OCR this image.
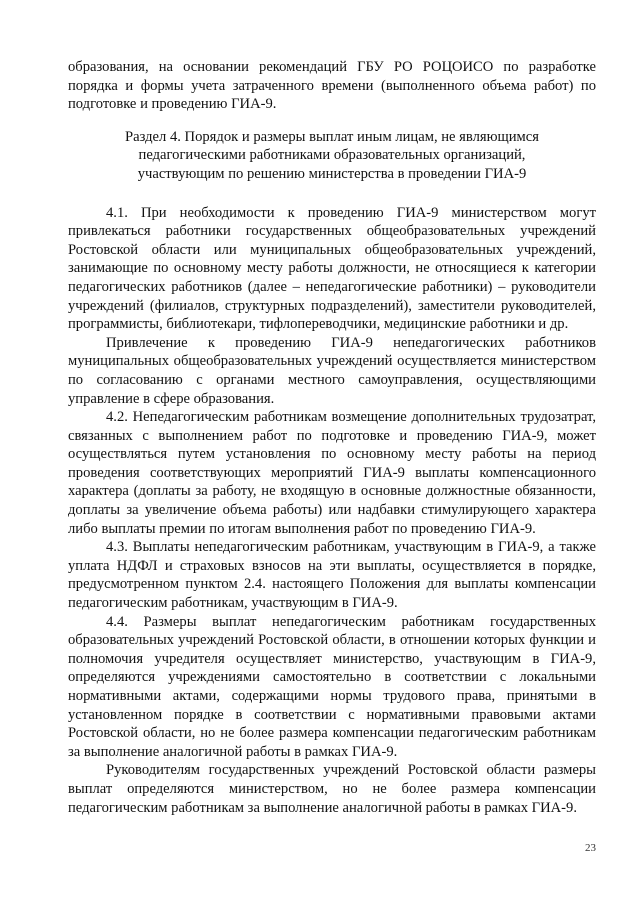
образования, на основании рекомендаций ГБУ РО РОЦОИСО по разработке порядка и формы учета затраченного времени (выполненного объема работ) по подготовке и проведению ГИА-9.

Раздел 4. Порядок и размеры выплат иным лицам, не являющимся
педагогическими работниками образовательных организаций,
участвующим по решению министерства в проведении ГИА-9

4.1. При необходимости к проведению ГИА-9 министерством могут привлекаться работники государственных общеобразовательных учреждений Ростовской области или муниципальных общеобразовательных учреждений, занимающие по основному месту работы должности, не относящиеся к категории педагогических работников (далее – непедагогические работники) – руководители учреждений (филиалов, структурных подразделений), заместители руководителей, программисты, библиотекари, тифлопереводчики, медицинские работники и др.

Привлечение к проведению ГИА-9 непедагогических работников муниципальных общеобразовательных учреждений осуществляется министерством по согласованию с органами местного самоуправления, осуществляющими управление в сфере образования.

4.2. Непедагогическим работникам возмещение дополнительных трудозатрат, связанных с выполнением работ по подготовке и проведению ГИА-9, может осуществляться путем установления по основному месту работы на период проведения соответствующих мероприятий ГИА-9 выплаты компенсационного характера (доплаты за работу, не входящую в основные должностные обязанности, доплаты за увеличение объема работы) или надбавки стимулирующего характера либо выплаты премии по итогам выполнения работ по проведению ГИА-9.

4.3. Выплаты непедагогическим работникам, участвующим в ГИА-9, а также уплата НДФЛ и страховых взносов на эти выплаты, осуществляется в порядке, предусмотренном пунктом 2.4. настоящего Положения для выплаты компенсации педагогическим работникам, участвующим в ГИА-9.

4.4. Размеры выплат непедагогическим работникам государственных образовательных учреждений Ростовской области, в отношении которых функции и полномочия учредителя осуществляет министерство, участвующим в ГИА-9, определяются учреждениями самостоятельно в соответствии с локальными нормативными актами, содержащими нормы трудового права, принятыми в установленном порядке в соответствии с нормативными правовыми актами Ростовской области, но не более размера компенсации педагогическим работникам за выполнение аналогичной работы в рамках ГИА-9.

Руководителям государственных учреждений Ростовской области размеры выплат определяются министерством, но не более размера компенсации педагогическим работникам за выполнение аналогичной работы в рамках ГИА-9.

23
